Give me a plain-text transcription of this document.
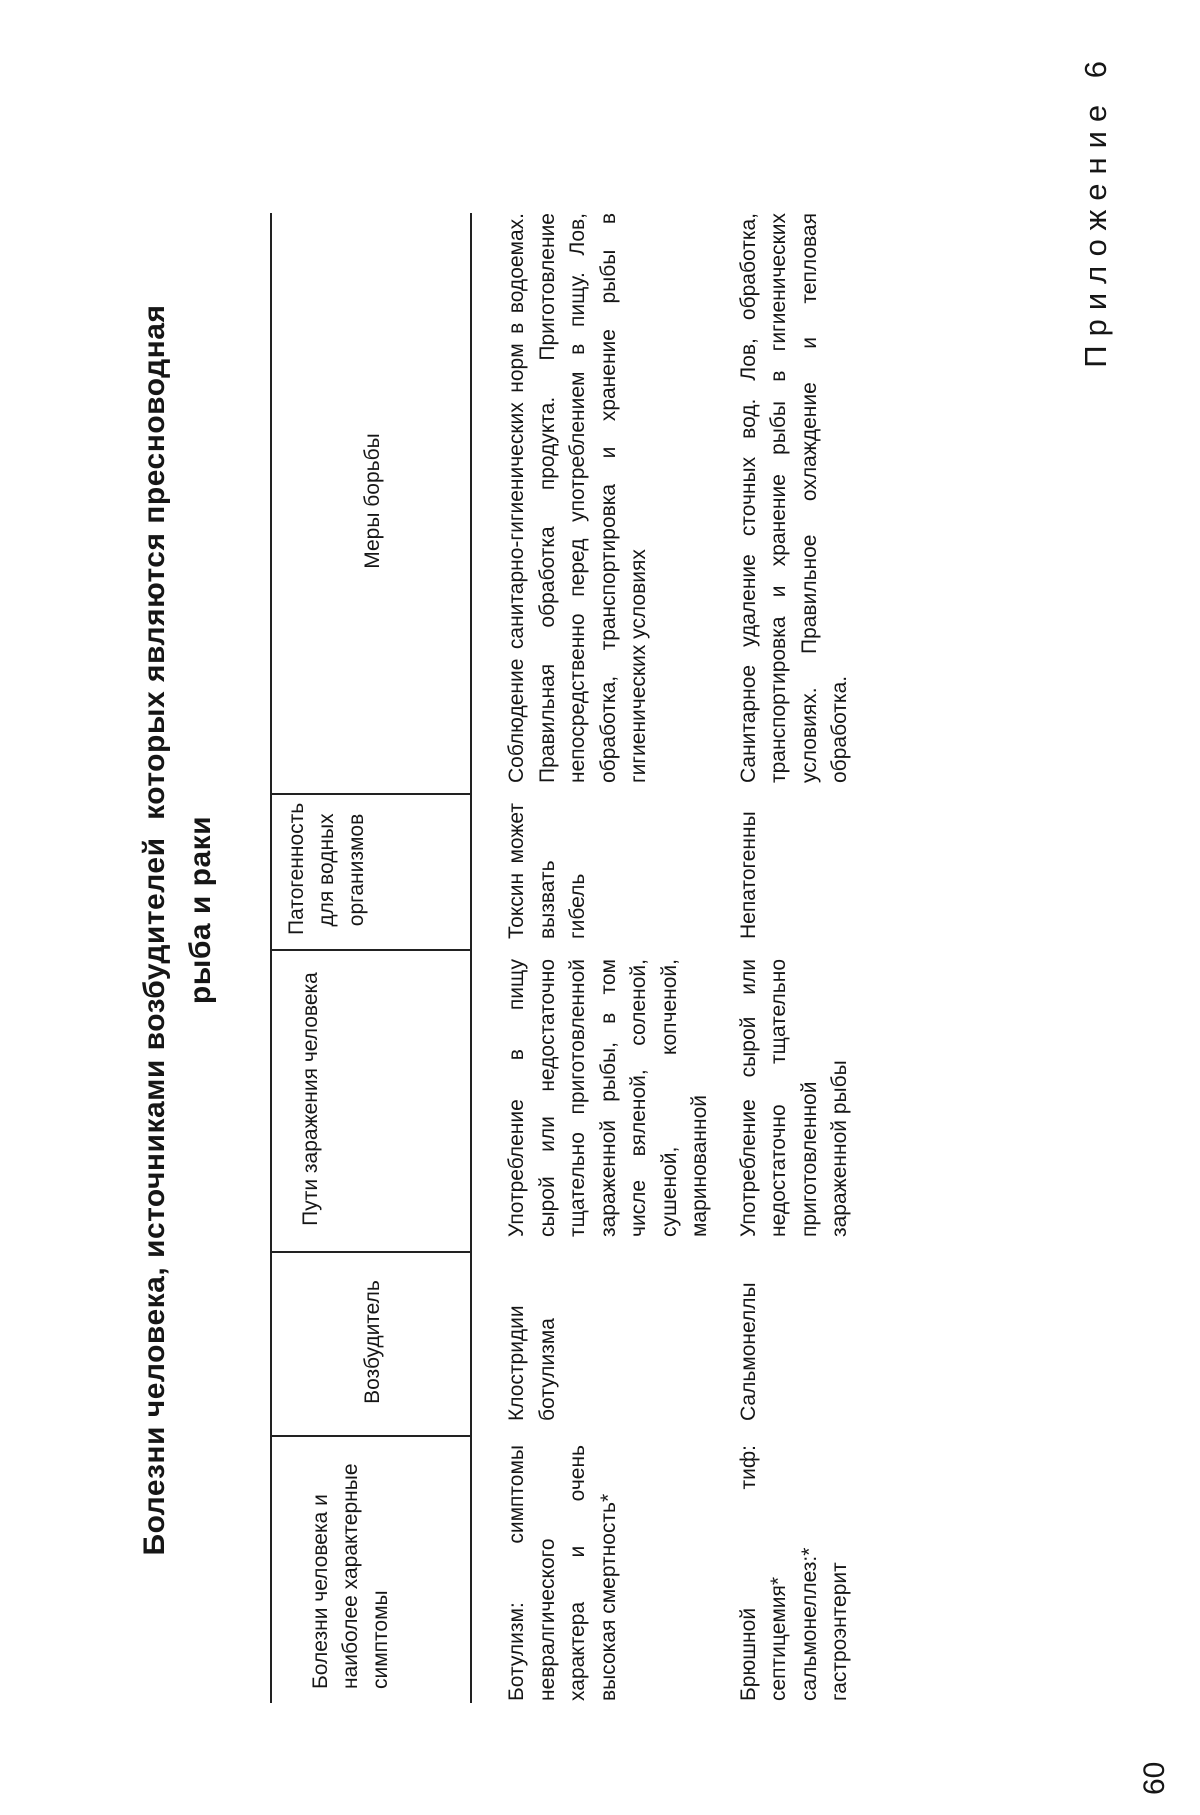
60
Приложение 6
Болезни человека, источниками возбудителей  которых являются пресноводная рыба и раки
Болезни человека и наиболее характерные симптомы
Возбудитель
Пути заражения человека
Патогенность для водных организмов
Меры борьбы
Ботулизм: симптомы невралгического характера и очень высокая смертность*
Клостридии ботулизма
Употребление в пищу сырой или недостаточно тщательно приготовленной зараженной рыбы, в том числе вяленой, соленой, сушеной, копченой, маринованной
Токсин может вызвать гибель
Соблюдение санитарно-гигиенических норм в водоемах. Правильная обработка продукта. Приготовление непосредственно перед употреблением в пищу. Лов, обработка, транспортировка и хранение рыбы в гигиенических условиях
Брюшной тиф: септицемия* сальмонеллез:* гастроэнтерит
Сальмонеллы
Употребление сырой или недостаточно тщательно приготовленной зараженной рыбы
Непатогенны
Санитарное удаление сточных вод. Лов, обработка, транспортировка и хранение рыбы в гигиенических условиях. Правильное охлаждение и тепловая обработка.
